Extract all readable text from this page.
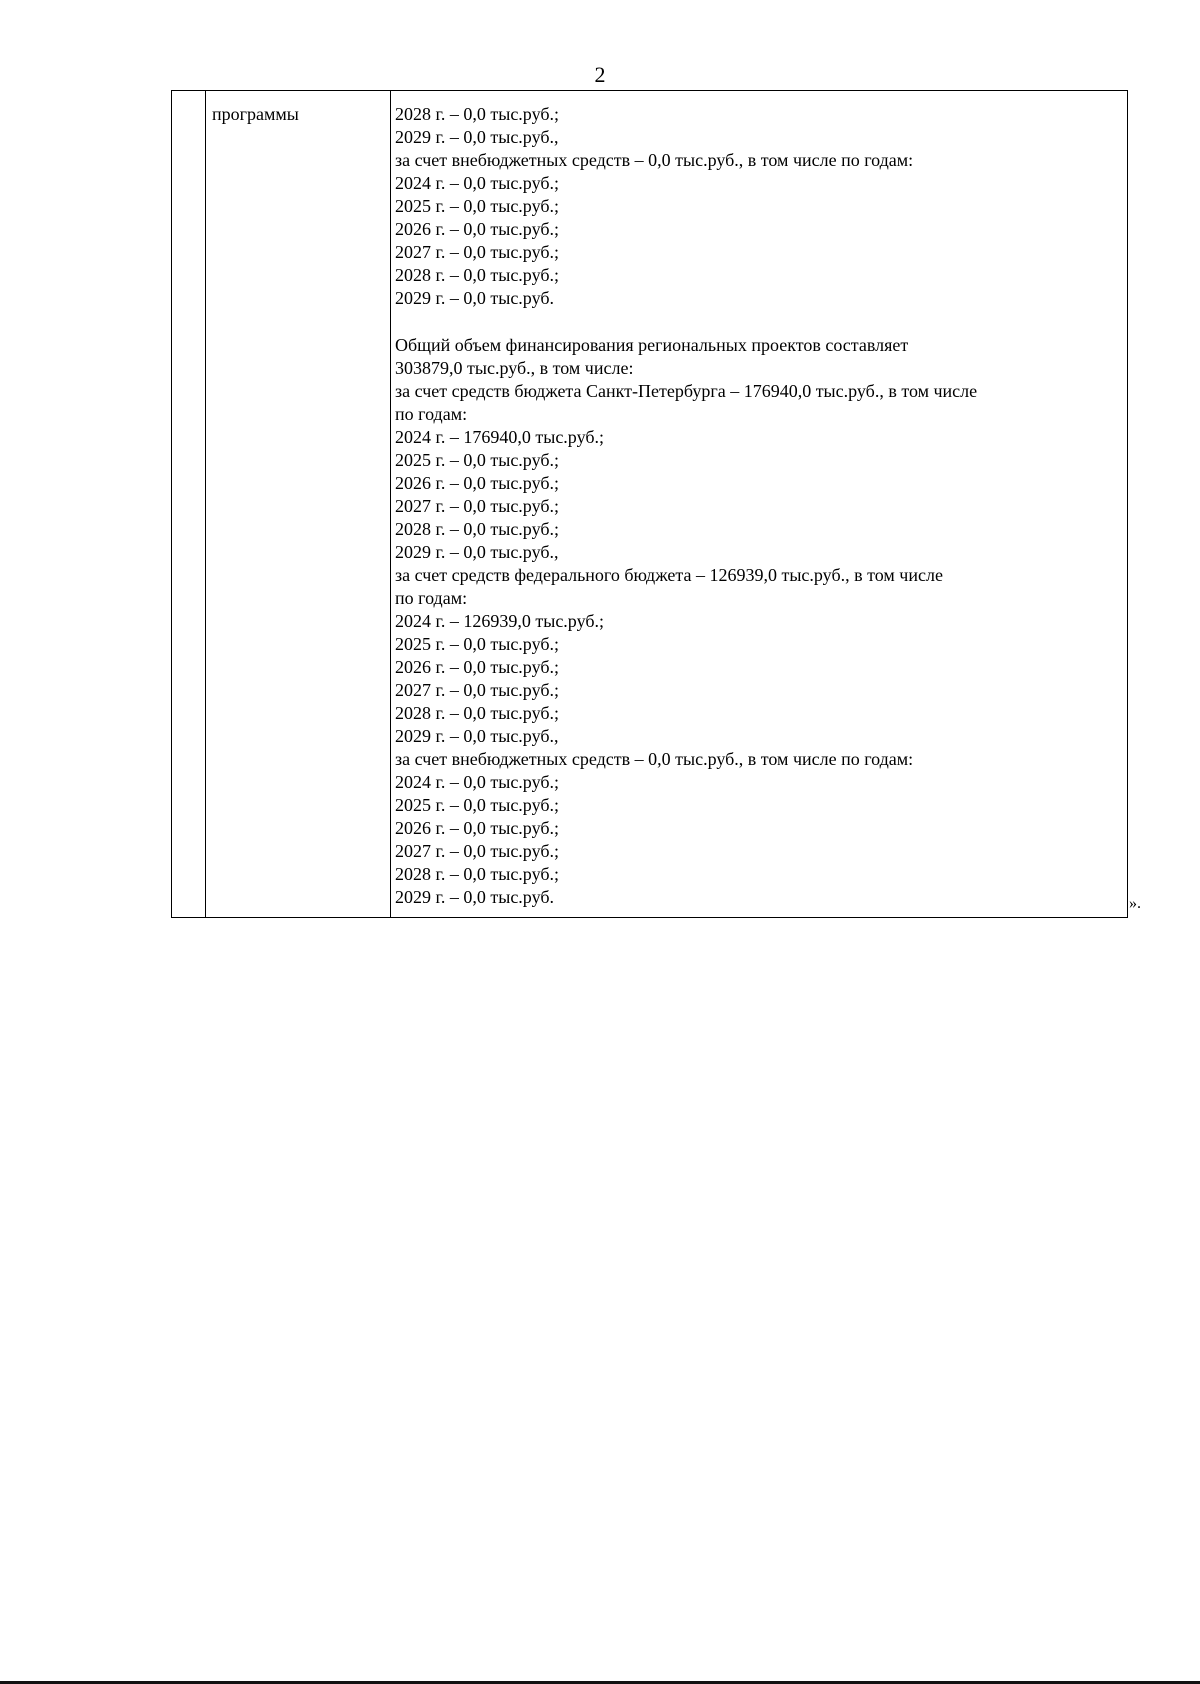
2
программы	2028 г. – 0,0 тыс.руб.;
2029 г. – 0,0 тыс.руб.,
за счет внебюджетных средств – 0,0 тыс.руб., в том числе по годам:
2024 г. – 0,0 тыс.руб.;
2025 г. – 0,0 тыс.руб.;
2026 г. – 0,0 тыс.руб.;
2027 г. – 0,0 тыс.руб.;
2028 г. – 0,0 тыс.руб.;
2029 г. – 0,0 тыс.руб.
Общий объем финансирования региональных проектов составляет
303879,0 тыс.руб., в том числе:
за счет средств бюджета Санкт-Петербурга – 176940,0 тыс.руб., в том числе
по годам:
2024 г. – 176940,0 тыс.руб.;
2025 г. – 0,0 тыс.руб.;
2026 г. – 0,0 тыс.руб.;
2027 г. – 0,0 тыс.руб.;
2028 г. – 0,0 тыс.руб.;
2029 г. – 0,0 тыс.руб.,
за счет средств федерального бюджета – 126939,0 тыс.руб., в том числе
по годам:
2024 г. – 126939,0 тыс.руб.;
2025 г. – 0,0 тыс.руб.;
2026 г. – 0,0 тыс.руб.;
2027 г. – 0,0 тыс.руб.;
2028 г. – 0,0 тыс.руб.;
2029 г. – 0,0 тыс.руб.,
за счет внебюджетных средств – 0,0 тыс.руб., в том числе по годам:
2024 г. – 0,0 тыс.руб.;
2025 г. – 0,0 тыс.руб.;
2026 г. – 0,0 тыс.руб.;
2027 г. – 0,0 тыс.руб.;
2028 г. – 0,0 тыс.руб.;
2029 г. – 0,0 тыс.руб.	».
